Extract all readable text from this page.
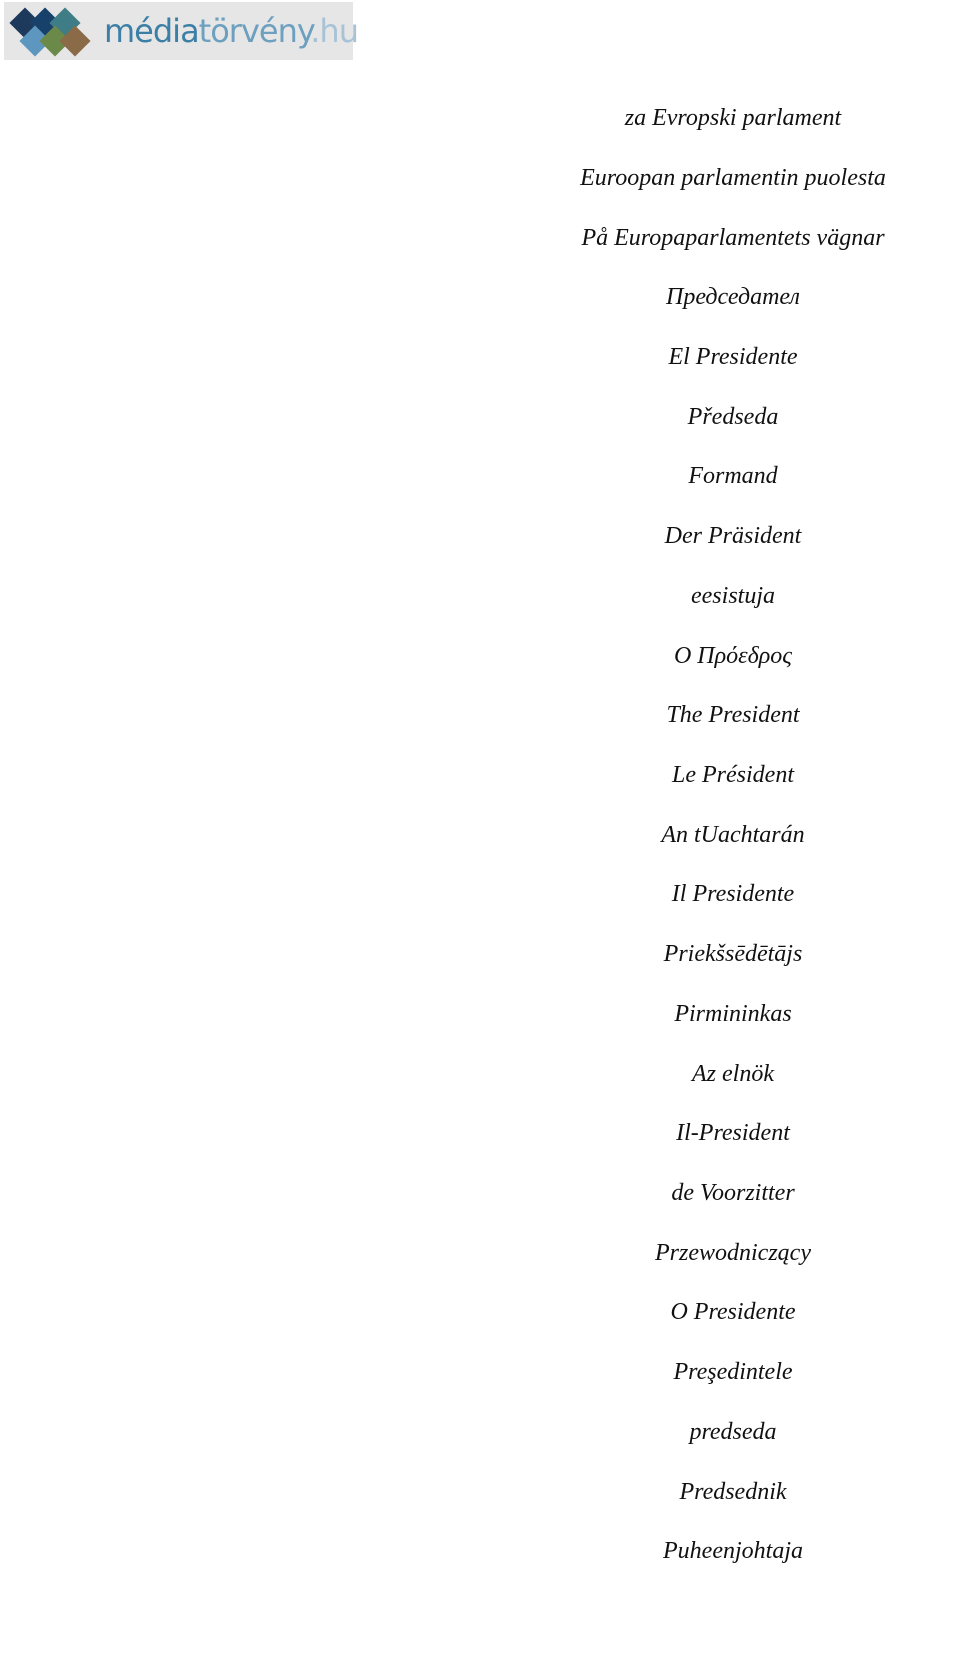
médiatörvény.hu
za Evropski parlament
Euroopan parlamentin puolesta
På Europaparlamentets vägnar
Председател
El Presidente
Předseda
Formand
Der Präsident
eesistuja
Ο Πρόεδρος
The President
Le Président
An tUachtarán
Il Presidente
Priekšsēdētājs
Pirmininkas
Az elnök
Il-President
de Voorzitter
Przewodniczący
O Presidente
Preşedintele
predseda
Predsednik
Puheenjohtaja
